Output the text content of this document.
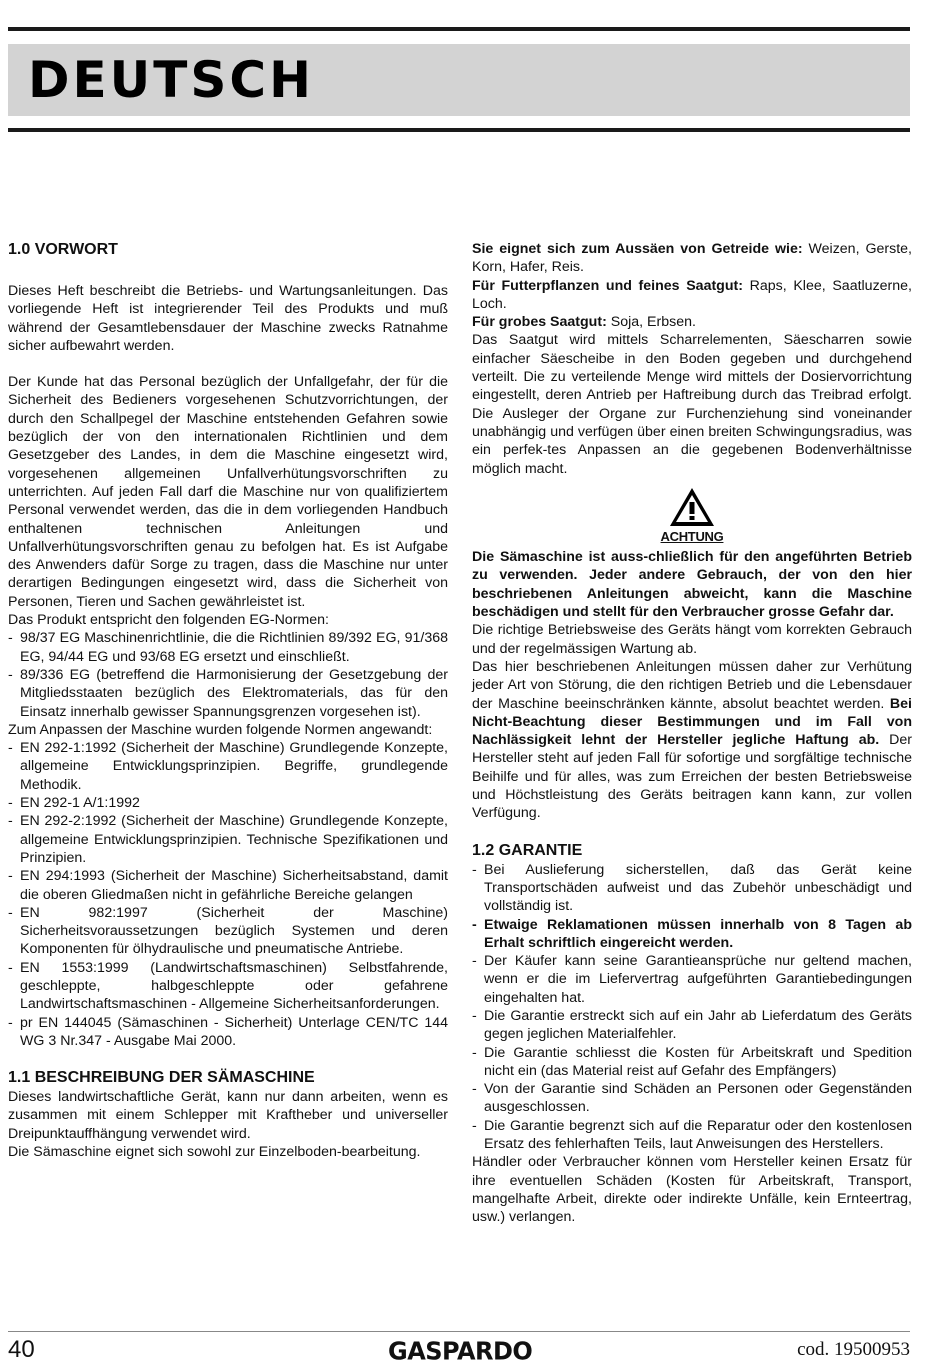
DEUTSCH
1.0 VORWORT

Dieses Heft beschreibt die Betriebs- und Wartungsanleitungen. Das vorliegende Heft ist integrierender Teil des Produkts und muß während der Gesamtlebensdauer der Maschine zwecks Ratnahme sicher aufbewahrt werden.

Der Kunde hat das Personal bezüglich der Unfallgefahr, der für die Sicherheit des Bedieners vorgesehenen Schutzvorrichtungen, der durch den Schallpegel der Maschine entstehenden Gefahren sowie bezüglich der von den internationalen Richtlinien und dem Gesetzgeber des Landes, in dem die Maschine eingesetzt wird, vorgesehenen allgemeinen Unfallverhütungsvorschriften zu unterrichten. Auf jeden Fall darf die Maschine nur von qualifiziertem Personal verwendet werden, das die in dem vorliegenden Handbuch enthaltenen technischen Anleitungen und Unfallverhütungsvorschriften genau zu befolgen hat. Es ist Aufgabe des Anwenders dafür Sorge zu tragen, dass die Maschine nur unter derartigen Bedingungen eingesetzt wird, dass die Sicherheit von Personen, Tieren und Sachen gewährleistet ist.

Das Produkt entspricht den folgenden EG-Normen:

- 98/37 EG Maschinenrichtlinie, die die Richtlinien 89/392 EG, 91/368 EG, 94/44 EG und 93/68 EG ersetzt und einschließt.
- 89/336 EG (betreffend die Harmonisierung der Gesetzgebung der Mitgliedsstaaten bezüglich des Elektromaterials, das für den Einsatz innerhalb gewisser Spannungsgrenzen vorgesehen ist).

Zum Anpassen der Maschine wurden folgende Normen angewandt:

- EN 292-1:1992 (Sicherheit der Maschine) Grundlegende Konzepte, allgemeine Entwicklungsprinzipien. Begriffe, grundlegende Methodik.
- EN 292-1 A/1:1992
- EN 292-2:1992 (Sicherheit der Maschine) Grundlegende Konzepte, allgemeine Entwicklungsprinzipien. Technische Spezifikationen und Prinzipien.
- EN 294:1993 (Sicherheit der Maschine) Sicherheitsabstand, damit die oberen Gliedmaßen nicht in gefährliche Bereiche gelangen
- EN 982:1997 (Sicherheit der Maschine) Sicherheitsvoraussetzungen bezüglich Systemen und deren Komponenten für ölhydraulische und pneumatische Antriebe.
- EN 1553:1999 (Landwirtschaftsmaschinen) Selbstfahrende, geschleppte, halbgeschleppte oder gefahrene Landwirtschaftsmaschinen - Allgemeine Sicherheitsanforderungen.
- pr EN 144045 (Sämaschinen - Sicherheit) Unterlage CEN/TC 144 WG 3 Nr.347 - Ausgabe Mai 2000.
1.1 BESCHREIBUNG DER SÄMASCHINE

Dieses landwirtschaftliche Gerät, kann nur dann arbeiten, wenn es zusammen mit einem Schlepper mit Kraftheber und universeller Dreipunktauffhängung verwendet wird.

Die Sämaschine eignet sich sowohl zur Einzelboden-bearbeitung.

Sie eignet sich zum Aussäen von Getreide wie: Weizen, Gerste, Korn, Hafer, Reis.

Für Futterpflanzen und feines Saatgut: Raps, Klee, Saatluzerne, Loch.

Für grobes Saatgut: Soja, Erbsen.

Das Saatgut wird mittels Scharrelementen, Säescharren sowie einfacher Säescheibe in den Boden gegeben und durchgehend verteilt. Die zu verteilende Menge wird mittels der Dosiervorrichtung eingestellt, deren Antrieb per Haftreibung durch das Treibrad erfolgt. Die Ausleger der Organe zur Furchenziehung sind voneinander unabhängig und verfügen über einen breiten Schwingungsradius, was ein perfek-tes Anpassen an die gegebenen Bodenverhältnisse möglich macht.

ACHTUNG

Die Sämaschine ist auss-chließlich für den angeführten Betrieb zu verwenden. Jeder andere Gebrauch, der von den hier beschriebenen Anleitungen abweicht, kann die Maschine beschädigen und stellt für den Verbraucher grosse Gefahr dar.

Die richtige Betriebsweise des Geräts hängt vom korrekten Gebrauch und der regelmässigen Wartung ab.

Das hier beschriebenen Anleitungen müssen daher zur Verhütung jeder Art von Störung, die den richtigen Betrieb und die Lebensdauer der Maschine beeinschränken kännte, absolut beachtet werden. Bei Nicht-Beachtung dieser Bestimmungen und im Fall von Nachlässigkeit lehnt der Hersteller jegliche Haftung ab. Der Hersteller steht auf jeden Fall für sofortige und sorgfältige technische Beihilfe und für alles, was zum Erreichen der besten Betriebsweise und Höchstleistung des Geräts beitragen kann kann, zur vollen Verfügung.

1.2 GARANTIE
- Bei Auslieferung sicherstellen, daß das Gerät keine Transportschäden aufweist und das Zubehör unbeschädigt und vollständig ist.
- Etwaige Reklamationen müssen innerhalb von 8 Tagen ab Erhalt schriftlich eingereicht werden.
- Der Käufer kann seine Garantieansprüche nur geltend machen, wenn er die im Liefervertrag aufgeführten Garantiebedingungen eingehalten hat.
- Die Garantie erstreckt sich auf ein Jahr ab Lieferdatum des Geräts gegen jeglichen Materialfehler.
- Die Garantie schliesst die Kosten für Arbeitskraft und Spedition nicht ein (das Material reist auf Gefahr des Empfängers)
- Von der Garantie sind Schäden an Personen oder Gegenständen ausgeschlossen.
- Die Garantie begrenzt sich auf die Reparatur oder den kostenlosen Ersatz des fehlerhaften Teils, laut Anweisungen des Herstellers.

Händler oder Verbraucher können vom Hersteller keinen Ersatz für ihre eventuellen Schäden (Kosten für Arbeitskraft, Transport, mangelhafte Arbeit, direkte oder indirekte Unfälle, kein Ernteertrag, usw.) verlangen.

40	GASPARDO	cod. 19500953
